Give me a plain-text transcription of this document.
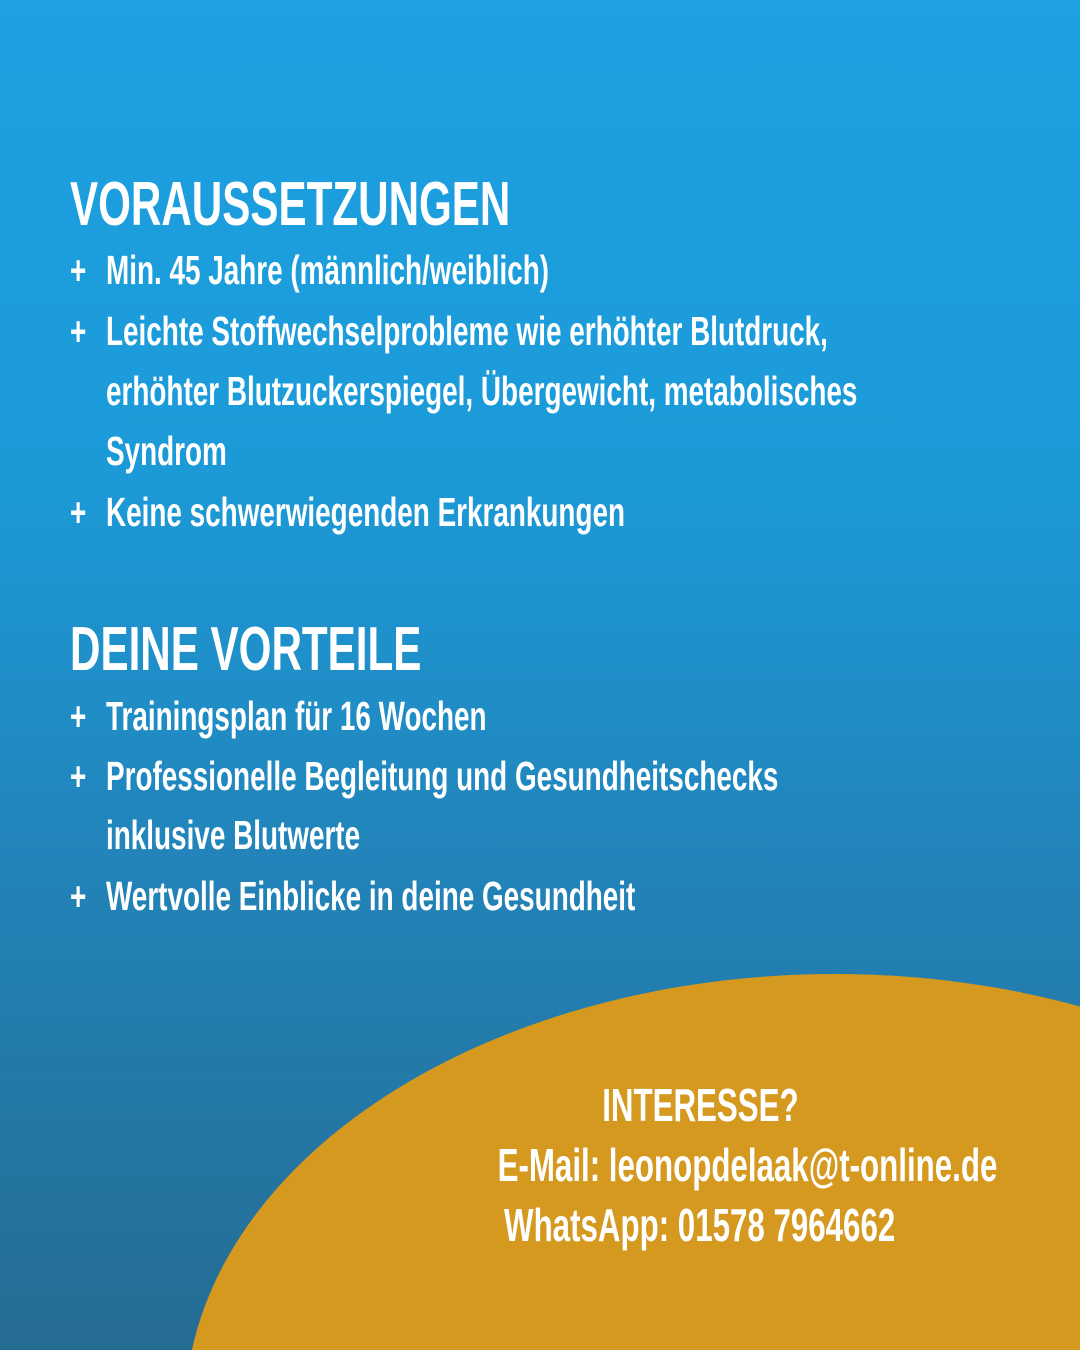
VORAUSSETZUNGEN
+ Min. 45 Jahre (männlich/weiblich)
+ Leichte Stoffwechselprobleme wie erhöhter Blutdruck,
erhöhter Blutzuckerspiegel, Übergewicht, metabolisches
Syndrom
+ Keine schwerwiegenden Erkrankungen
DEINE VORTEILE
+ Trainingsplan für 16 Wochen
+ Professionelle Begleitung und Gesundheitschecks
inklusive Blutwerte
+ Wertvolle Einblicke in deine Gesundheit
INTERESSE?
E-Mail: leonopdelaak@t-online.de
WhatsApp: 01578 7964662
